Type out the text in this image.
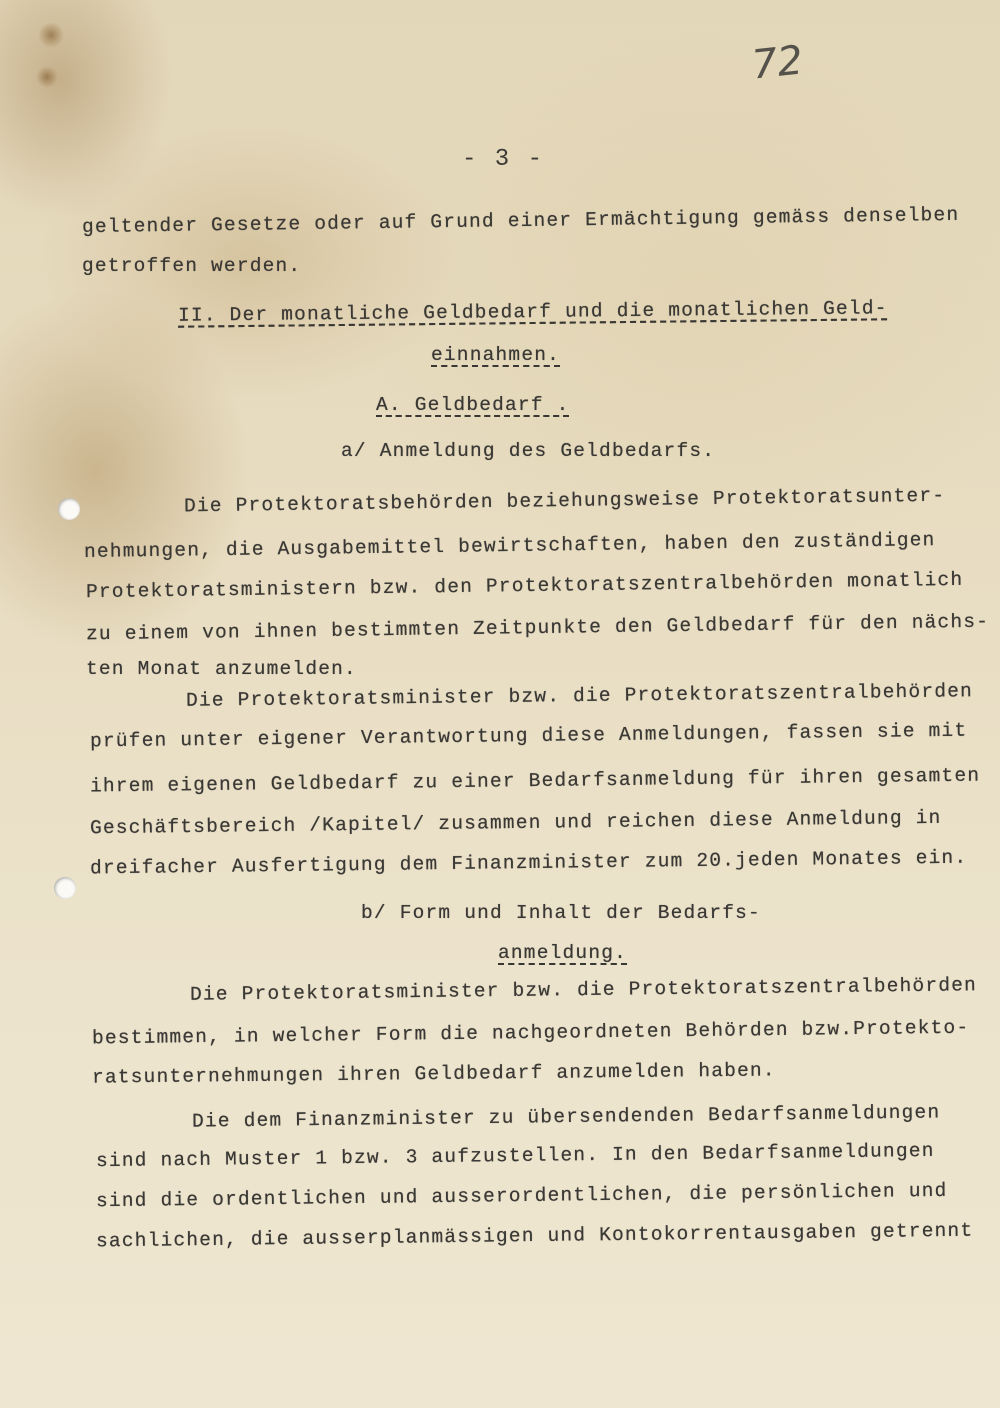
72
- 3 -
geltender Gesetze oder auf Grund einer Ermächtigung gemäss denselben
getroffen werden.
II. Der monatliche Geldbedarf und die monatlichen Geld-
einnahmen.
A. Geldbedarf .
a/ Anmeldung des Geldbedarfs.
Die Protektoratsbehörden beziehungsweise Protektoratsunter-
nehmungen, die Ausgabemittel bewirtschaften, haben den zuständigen
Protektoratsministern bzw. den Protektoratszentralbehörden monatlich
zu einem von ihnen bestimmten Zeitpunkte den Geldbedarf für den nächs-
ten Monat anzumelden.
Die Protektoratsminister bzw. die Protektoratszentralbehörden
prüfen unter eigener Verantwortung diese Anmeldungen, fassen sie mit
ihrem eigenen Geldbedarf zu einer Bedarfsanmeldung für ihren gesamten
Geschäftsbereich /Kapitel/ zusammen und reichen diese Anmeldung in
dreifacher Ausfertigung dem Finanzminister zum 20.jeden Monates ein.
b/ Form und Inhalt der Bedarfs-
anmeldung.
Die Protektoratsminister bzw. die Protektoratszentralbehörden
bestimmen, in welcher Form die nachgeordneten Behörden bzw.Protekto-
ratsunternehmungen ihren Geldbedarf anzumelden haben.
Die dem Finanzminister zu übersendenden Bedarfsanmeldungen
sind nach Muster 1 bzw. 3 aufzustellen. In den Bedarfsanmeldungen
sind die ordentlichen und ausserordentlichen, die persönlichen und
sachlichen, die ausserplanmässigen und Kontokorrentausgaben getrennt
